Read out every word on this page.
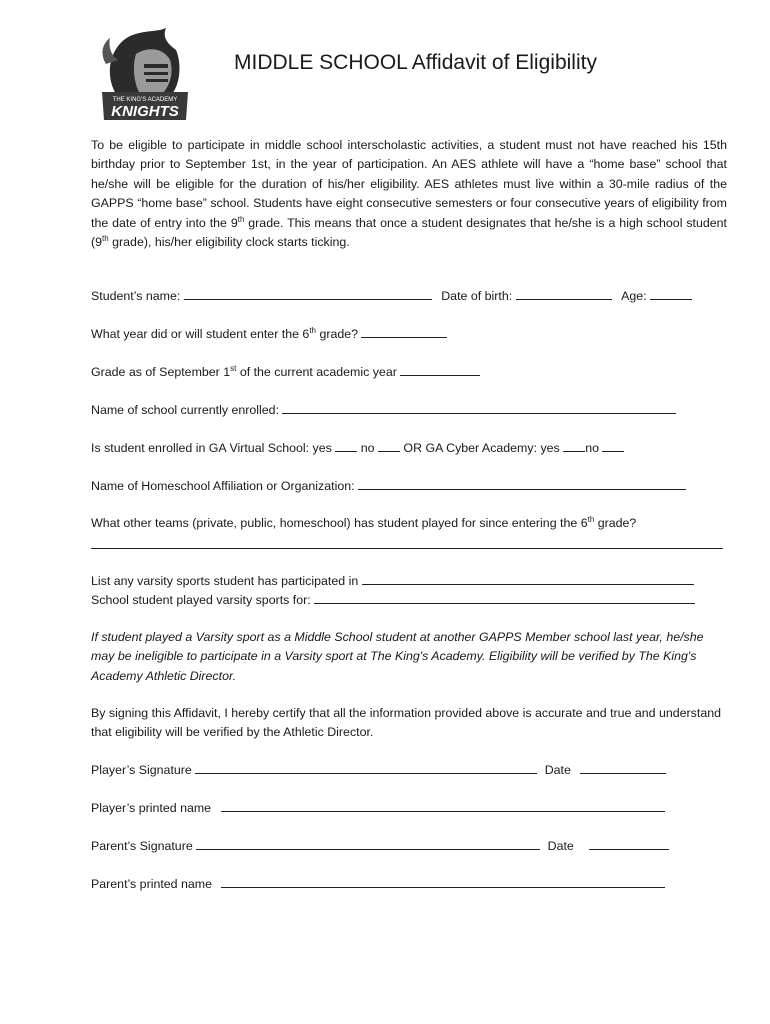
THE KING'S ACADEMY
KNIGHTS
MIDDLE SCHOOL Affidavit of Eligibility
To be eligible to participate in middle school interscholastic activities, a student must not have reached his 15th birthday prior to September 1st, in the year of participation. An AES athlete will have a “home base” school that he/she will be eligible for the duration of his/her eligibility. AES athletes must live within a 30-mile radius of the GAPPS “home base” school. Students have eight consecutive semesters or four consecutive years of eligibility from the date of entry into the 9th grade. This means that once a student designates that he/she is a high school student (9th grade), his/her eligibility clock starts ticking.
Student’s name:	Date of birth:	Age:
What year did or will student enter the 6th grade?
Grade as of September 1st of the current academic year
Name of school currently enrolled:
Is student enrolled in GA Virtual School: yes  no  OR GA Cyber Academy: yes no
Name of Homeschool Affiliation or Organization:
What other teams (private, public, homeschool) has student played for since entering the 6th grade?
List any varsity sports student has participated in
School student played varsity sports for:
If student played a Varsity sport as a Middle School student at another GAPPS Member school last year, he/she may be ineligible to participate in a Varsity sport at The King's Academy. Eligibility will be verified by The King's Academy Athletic Director.
By signing this Affidavit, I hereby certify that all the information provided above is accurate and true and understand that eligibility will be verified by the Athletic Director.
Player’s Signature	Date
Player’s printed name
Parent’s Signature	Date
Parent’s printed name
